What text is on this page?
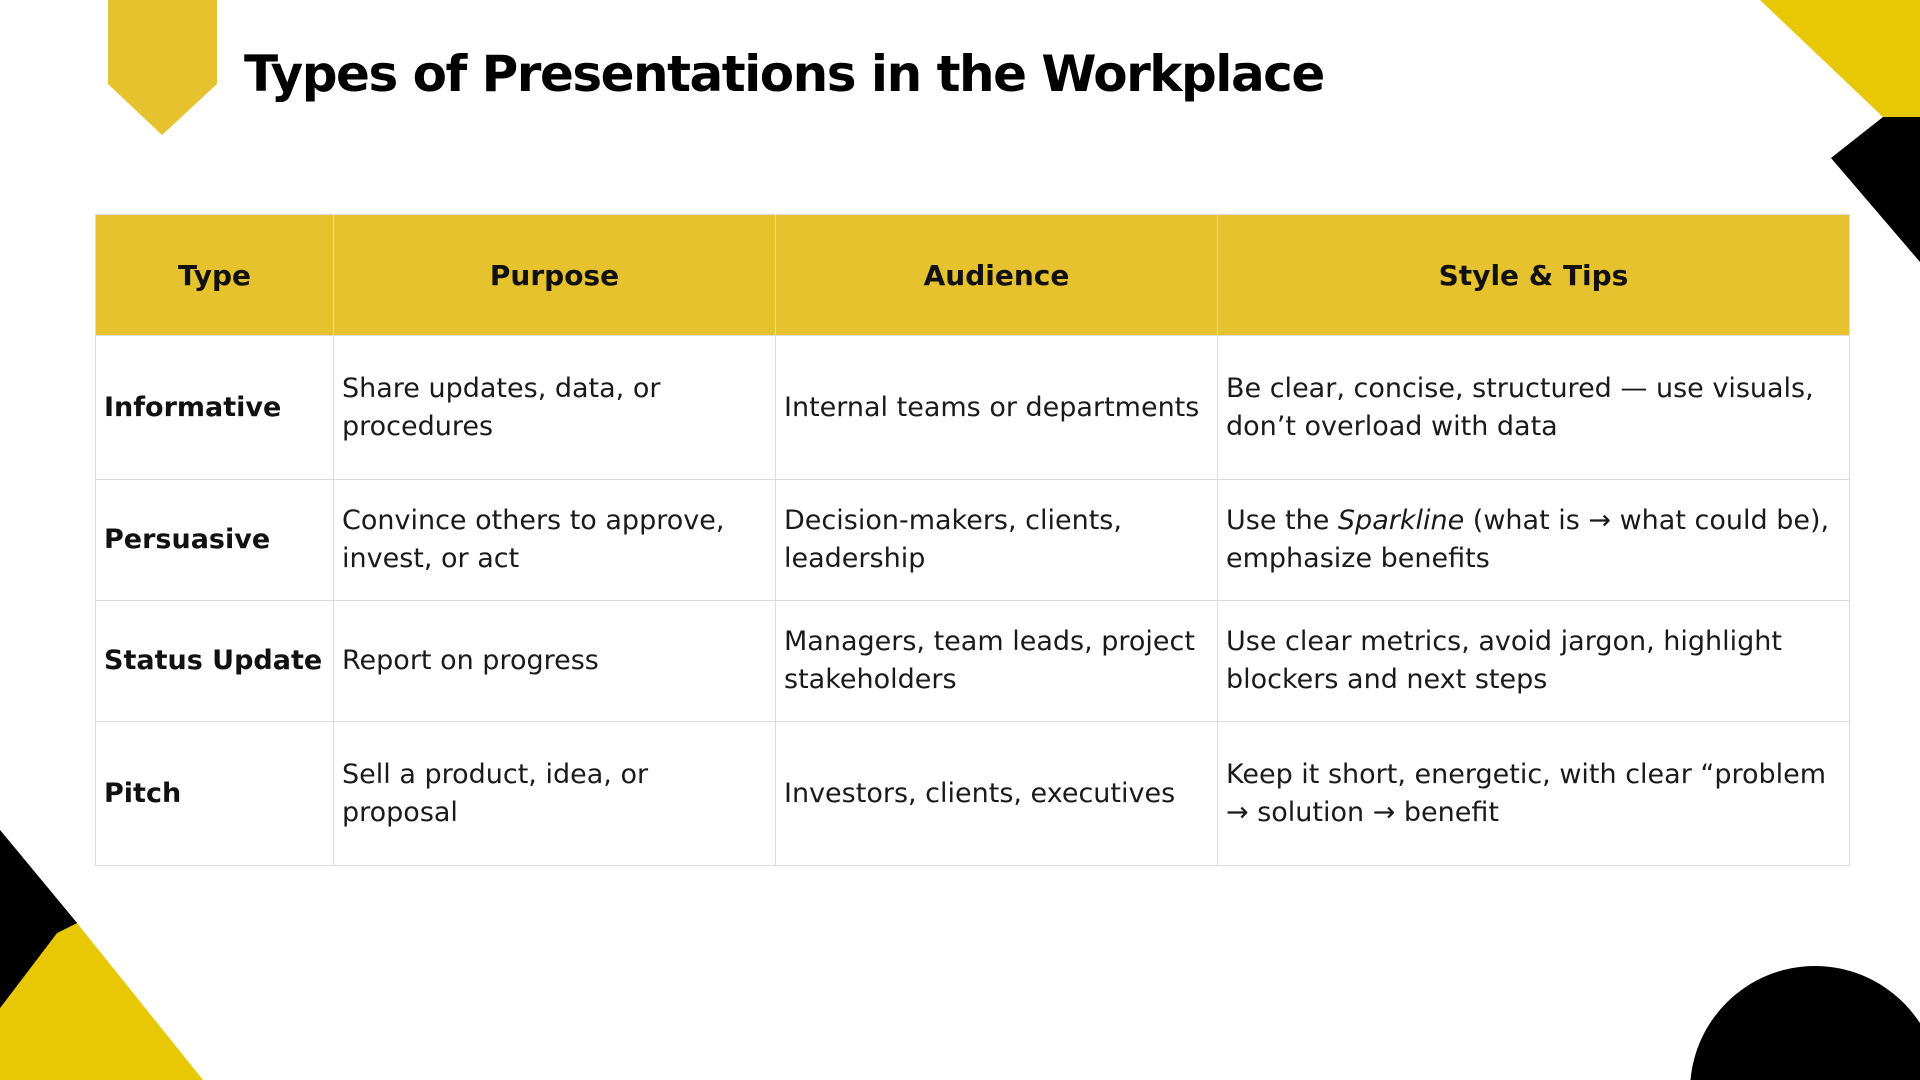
Types of Presentations in the Workplace
Type	Purpose	Audience	Style & Tips
Informative	Share updates, data, or procedures	Internal teams or departments	Be clear, concise, structured — use visuals, don’t overload with data
Persuasive	Convince others to approve, invest, or act	Decision-makers, clients, leadership	Use the Sparkline (what is → what could be), emphasize benefits
Status Update	Report on progress	Managers, team leads, project stakeholders	Use clear metrics, avoid jargon, highlight blockers and next steps
Pitch	Sell a product, idea, or proposal	Investors, clients, executives	Keep it short, energetic, with clear “problem → solution → benefit
